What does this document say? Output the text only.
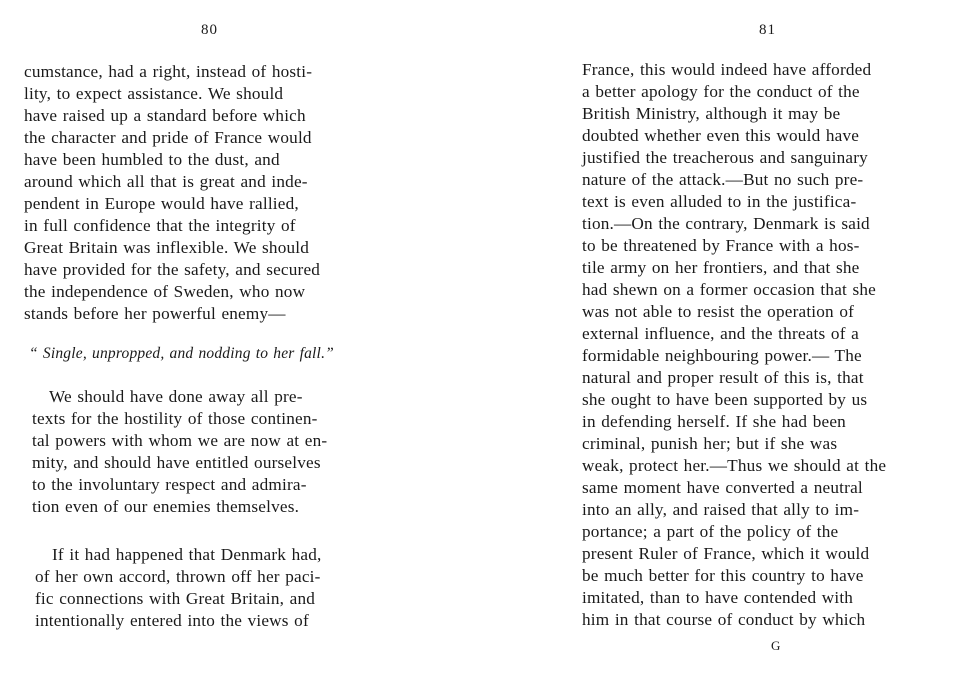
80
cumstance, had a right, instead of hosti-
lity, to expect assistance. We should
have raised up a standard before which
the character and pride of France would
have been humbled to the dust, and
around which all that is great and inde-
pendent in Europe would have rallied,
in full confidence that the integrity of
Great Britain was inflexible. We should
have provided for the safety, and secured
the independence of Sweden, who now
stands before her powerful enemy—
“ Single, unpropped, and nodding to her fall.”
We should have done away all pre-
texts for the hostility of those continen-
tal powers with whom we are now at en-
mity, and should have entitled ourselves
to the involuntary respect and admira-
tion even of our enemies themselves.
If it had happened that Denmark had,
of her own accord, thrown off her paci-
fic connections with Great Britain, and
intentionally entered into the views of
81
France, this would indeed have afforded
a better apology for the conduct of the
British Ministry, although it may be
doubted whether even this would have
justified the treacherous and sanguinary
nature of the attack.—But no such pre-
text is even alluded to in the justifica-
tion.—On the contrary, Denmark is said
to be threatened by France with a hos-
tile army on her frontiers, and that she
had shewn on a former occasion that she
was not able to resist the operation of
external influence, and the threats of a
formidable neighbouring power.— The
natural and proper result of this is, that
she ought to have been supported by us
in defending herself. If she had been
criminal, punish her; but if she was
weak, protect her.—Thus we should at the
same moment have converted a neutral
into an ally, and raised that ally to im-
portance; a part of the policy of the
present Ruler of France, which it would
be much better for this country to have
imitated, than to have contended with
him in that course of conduct by which
G
